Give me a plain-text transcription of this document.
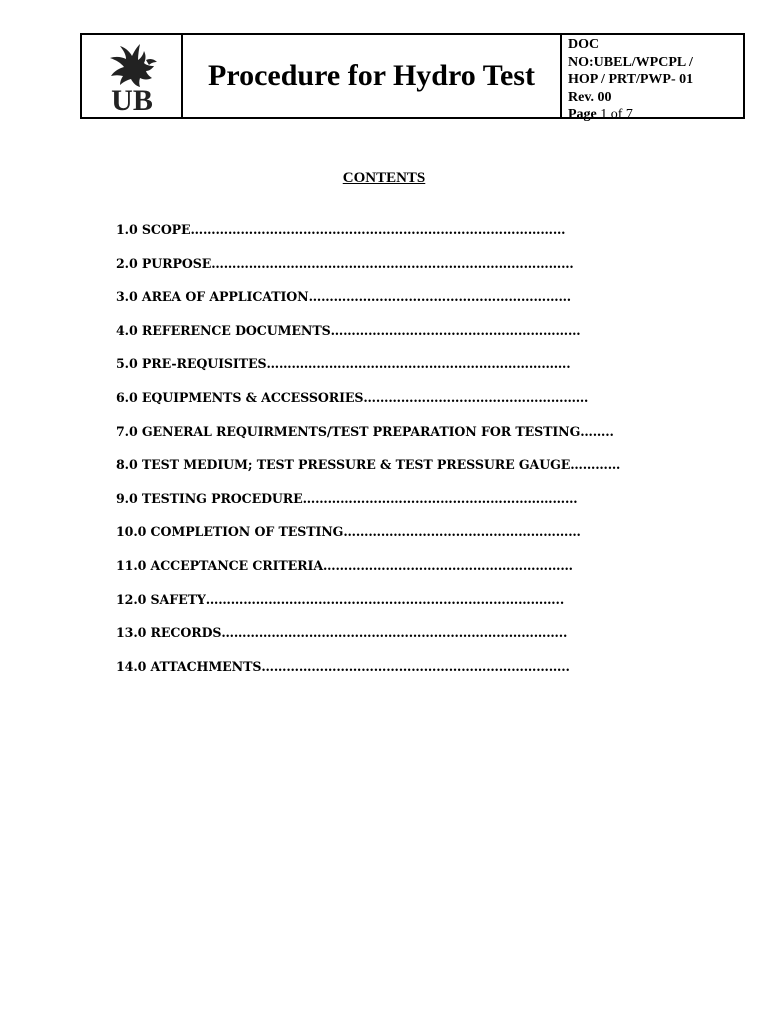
UB
Procedure for Hydro Test
DOC
NO:UBEL/WPCPL /
HOP / PRT/PWP- 01
Rev. 00
Page 1 of 7
CONTENTS
1.0 SCOPE………………………………………………………………………………
2.0 PURPOSE……………………………………………………………………………
3.0 AREA OF APPLICATION………………………………………………………
4.0 REFERENCE DOCUMENTS……………………………………………………
5.0 PRE-REQUISITES……………………………………………………………….
6.0 EQUIPMENTS & ACCESSORIES………………………………………………
7.0 GENERAL REQUIRMENTS/TEST PREPARATION FOR TESTING……..
8.0 TEST MEDIUM; TEST PRESSURE & TEST PRESSURE GAUGE…………
9.0 TESTING PROCEDURE…………………………………………………………
10.0 COMPLETION OF TESTING…………………………………………………
11.0 ACCEPTANCE CRITERIA……………………………………………………
12.0 SAFETY…………………………………………………………………………..
13.0 RECORDS………………………………………………………………………..
14.0 ATTACHMENTS………………………………………………………………..
